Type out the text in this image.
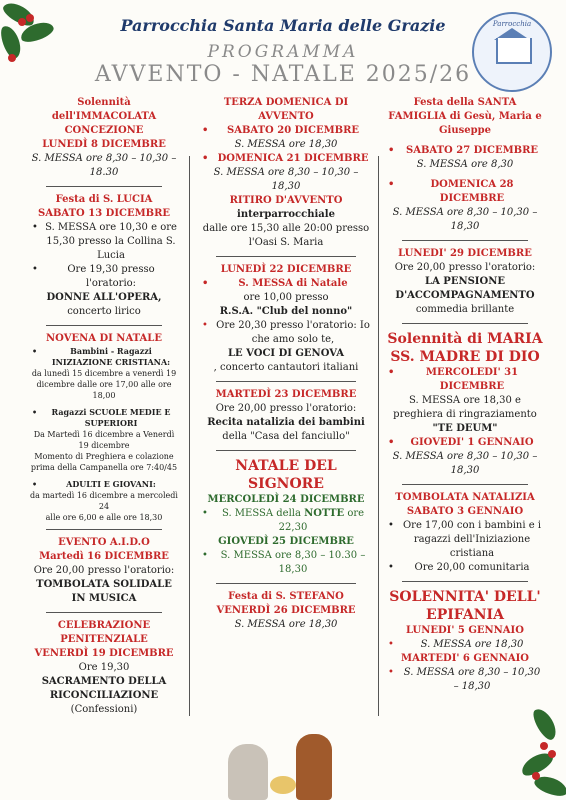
Parrocchia Santa Maria delle Grazie
PROGRAMMA
AVVENTO - NATALE 2025/26
Parrocchia

Solennità dell'IMMACOLATA CONCEZIONE

LUNEDÌ 8 DICEMBRE

S. MESSA ore 8,30 – 10,30 – 18.30

Festa di S. LUCIA

SABATO 13 DICEMBRE

• S. MESSA ore 10,30 e ore 15,30 presso la Collina S. Lucia

• Ore 19,30 presso l'oratorio:

DONNE ALL'OPERA,

concerto lirico

NOVENA DI NATALE

• Bambini - Ragazzi INIZIAZIONE CRISTIANA:

da lunedì 15 dicembre a venerdì 19 dicembre dalle ore 17,00 alle ore 18,00

• Ragazzi SCUOLE MEDIE E SUPERIORI

Da Martedì 16 dicembre a Venerdì 19 dicembre

Momento di Preghiera e colazione prima della Campanella ore 7:40/45

• ADULTI E GIOVANI:

da martedì 16 dicembre a mercoledì 24

alle ore 6,00 e alle ore 18,30

EVENTO A.I.D.O

Martedì 16 DICEMBRE

Ore 20,00 presso l'oratorio:

TOMBOLATA SOLIDALE IN MUSICA

CELEBRAZIONE PENITENZIALE

VENERDÌ 19 DICEMBRE

Ore 19,30

SACRAMENTO DELLA RICONCILIAZIONE

(Confessioni)

TERZA DOMENICA DI AVVENTO

• SABATO 20 DICEMBRE

S. MESSA ore 18,30

• DOMENICA 21 DICEMBRE

S. MESSA ore 8,30 – 10,30 – 18,30

RITIRO D'AVVENTO

interparrocchiale

dalle ore 15,30 alle 20:00 presso l'Oasi S. Maria

LUNEDÌ 22 DICEMBRE

• S. MESSA di Natale

ore 10,00 presso

R.S.A. "Club del nonno"

• Ore 20,30 presso l'oratorio: Io che amo solo te,

LE VOCI DI GENOVA

, concerto cantautori italiani

MARTEDÌ 23 DICEMBRE

Ore 20,00 presso l'oratorio:

Recita natalizia dei bambini

della "Casa del fanciullo"

NATALE DEL SIGNORE

MERCOLEDÌ 24 DICEMBRE

• S. MESSA della NOTTE ore 22,30

GIOVEDÌ 25 DICEMBRE

• S. MESSA ore 8,30 – 10.30 – 18,30

Festa di S. STEFANO

VENERDÌ 26 DICEMBRE

S. MESSA ore 18,30

Festa della SANTA FAMIGLIA di Gesù, Maria e Giuseppe

• SABATO 27 DICEMBRE

S. MESSA ore 8,30

• DOMENICA 28 DICEMBRE

S. MESSA ore 8,30 – 10,30 – 18,30

LUNEDI' 29 DICEMBRE

Ore 20,00 presso l'oratorio:

LA PENSIONE D'ACCOMPAGNAMENTO

commedia brillante

Solennità di MARIA SS. MADRE DI DIO

• MERCOLEDI' 31 DICEMBRE

S. MESSA ore 18,30 e preghiera di ringraziamento

"TE DEUM"

• GIOVEDI' 1 GENNAIO

S. MESSA ore 8,30 – 10,30 – 18,30

TOMBOLATA NATALIZIA

SABATO 3 GENNAIO

• Ore 17,00 con i bambini e i ragazzi dell'Iniziazione cristiana

• Ore 20,00 comunitaria

SOLENNITA' DELL' EPIFANIA

LUNEDI' 5 GENNAIO

• S. MESSA ore 18,30

MARTEDI' 6 GENNAIO

• S. MESSA ore 8,30 – 10,30 – 18,30
